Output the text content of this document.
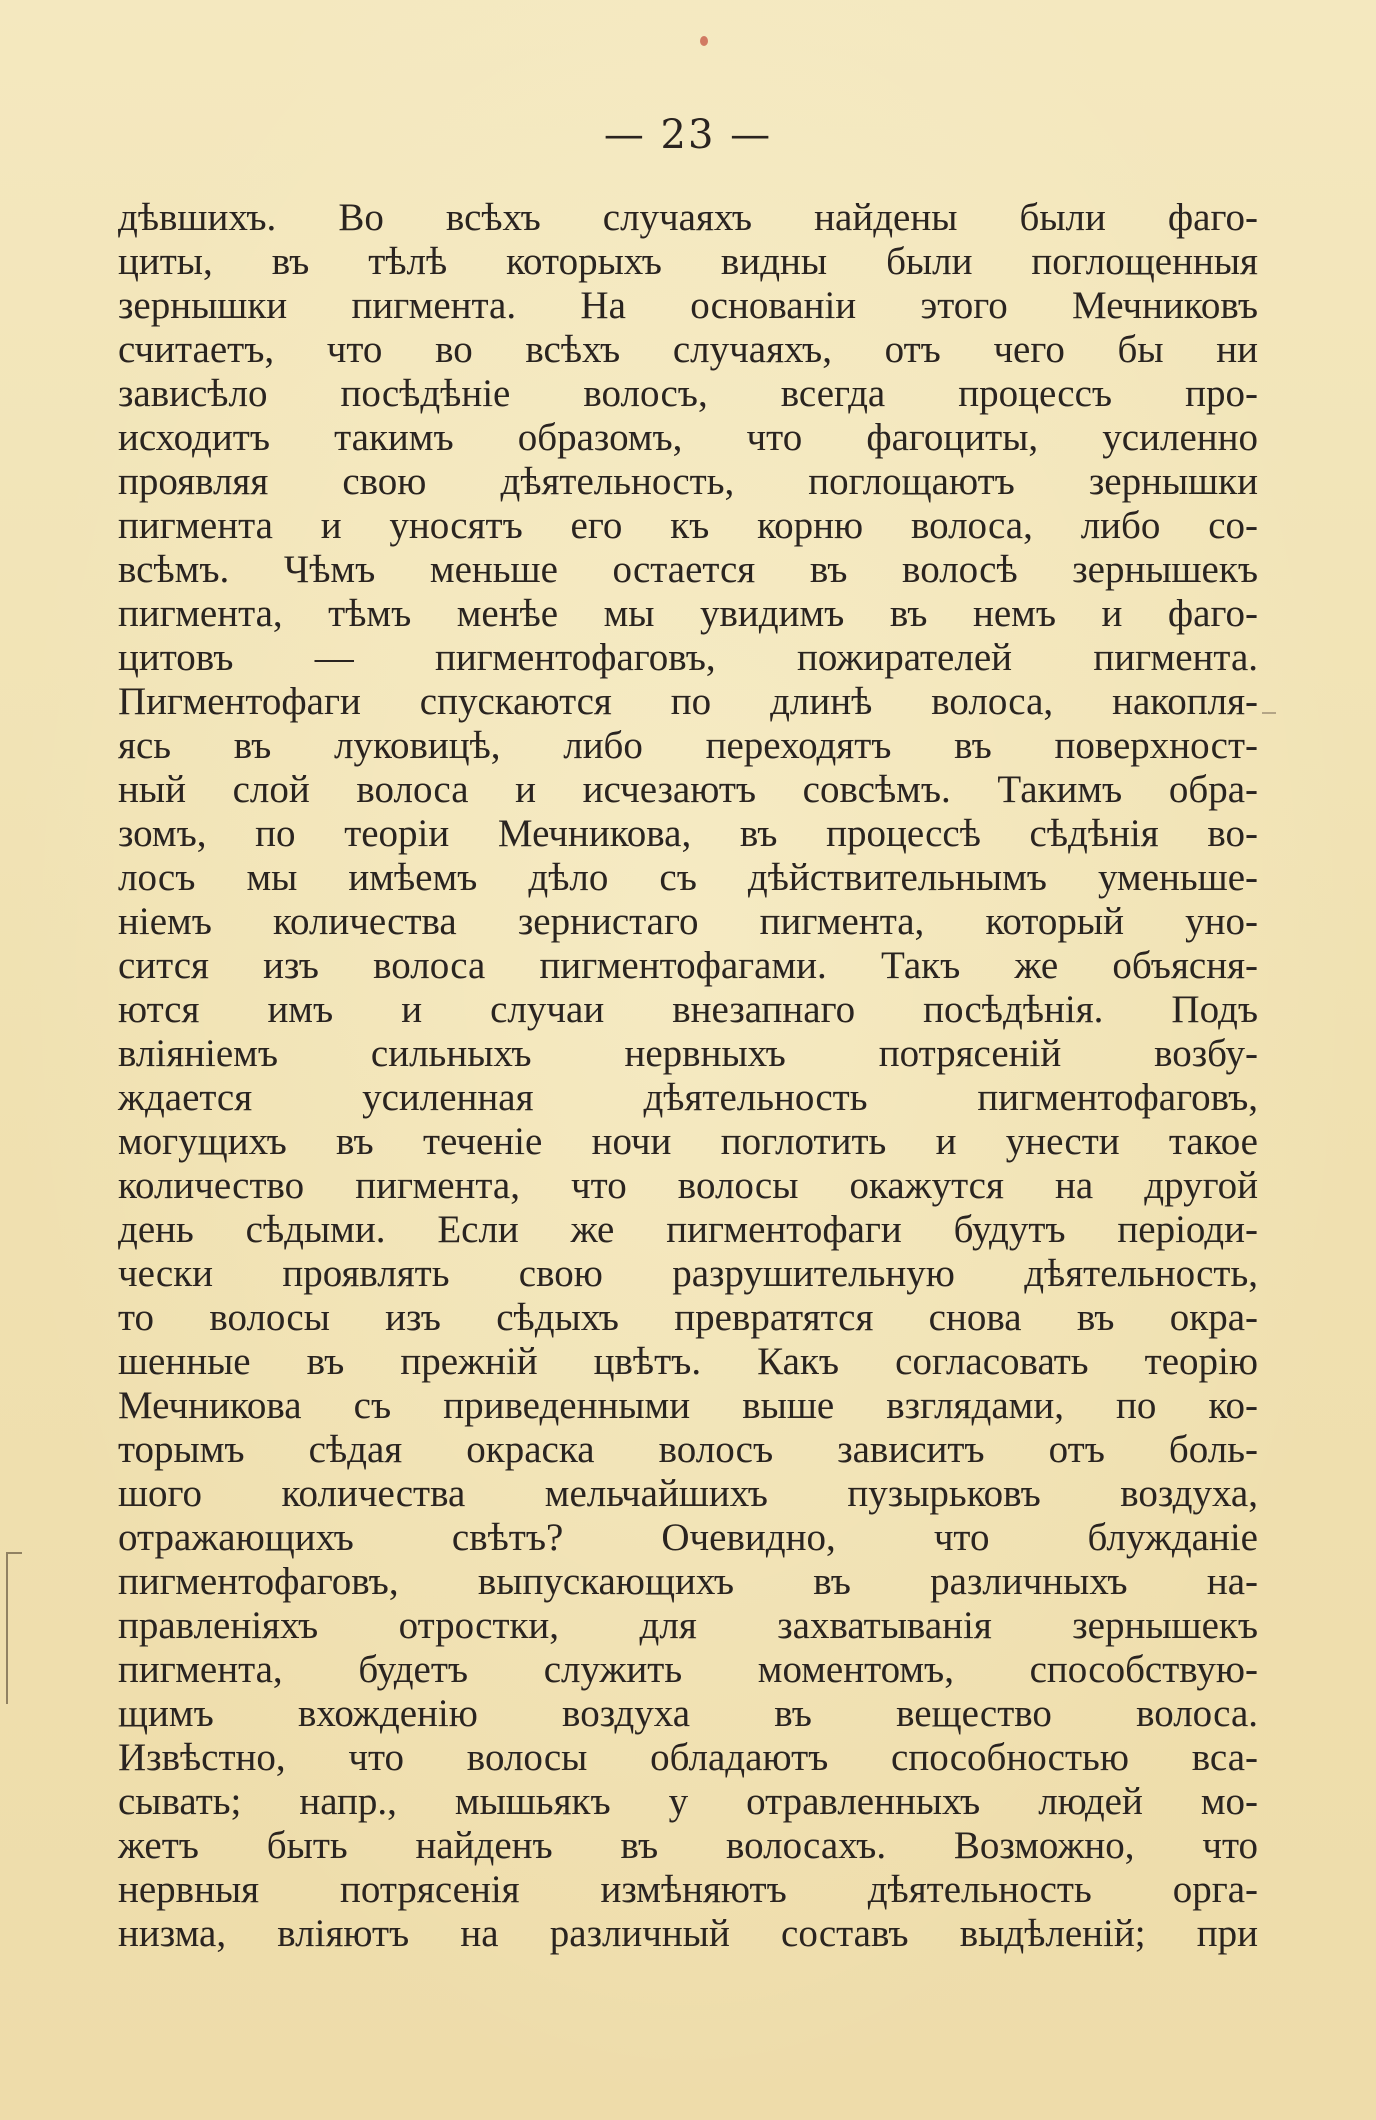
— 23 —
дѣвшихъ. Во всѣхъ случаяхъ найдены были фаго-
циты, въ тѣлѣ которыхъ видны были поглощенныя
зернышки пигмента. На основаніи этого Мечниковъ
считаетъ, что во всѣхъ случаяхъ, отъ чего бы ни
зависѣло посѣдѣніе волосъ, всегда процессъ про-
исходитъ такимъ образомъ, что фагоциты, усиленно
проявляя свою дѣятельность, поглощаютъ зернышки
пигмента и уносятъ его къ корню волоса, либо со-
всѣмъ. Чѣмъ меньше остается въ волосѣ зернышекъ
пигмента, тѣмъ менѣе мы увидимъ въ немъ и фаго-
цитовъ — пигментофаговъ, пожирателей пигмента.
Пигментофаги спускаются по длинѣ волоса, накопля-
ясь въ луковицѣ, либо переходятъ въ поверхност-
ный слой волоса и исчезаютъ совсѣмъ. Такимъ обра-
зомъ, по теоріи Мечникова, въ процессѣ сѣдѣнія во-
лосъ мы имѣемъ дѣло съ дѣйствительнымъ уменьше-
ніемъ количества зернистаго пигмента, который уно-
сится изъ волоса пигментофагами. Такъ же объясня-
ются имъ и случаи внезапнаго посѣдѣнія. Подъ
вліяніемъ сильныхъ нервныхъ потрясеній возбу-
ждается усиленная дѣятельность пигментофаговъ,
могущихъ въ теченіе ночи поглотить и унести такое
количество пигмента, что волосы окажутся на другой
день сѣдыми. Если же пигментофаги будутъ періоди-
чески проявлять свою разрушительную дѣятельность,
то волосы изъ сѣдыхъ превратятся снова въ окра-
шенные въ прежній цвѣтъ. Какъ согласовать теорію
Мечникова съ приведенными выше взглядами, по ко-
торымъ сѣдая окраска волосъ зависитъ отъ боль-
шого количества мельчайшихъ пузырьковъ воздуха,
отражающихъ свѣтъ? Очевидно, что блужданіе
пигментофаговъ, выпускающихъ въ различныхъ на-
правленіяхъ отростки, для захватыванія зернышекъ
пигмента, будетъ служить моментомъ, способствую-
щимъ вхожденію воздуха въ вещество волоса.
Извѣстно, что волосы обладаютъ способностью вса-
сывать; напр., мышьякъ у отравленныхъ людей мо-
жетъ быть найденъ въ волосахъ. Возможно, что
нервныя потрясенія измѣняютъ дѣятельность орга-
низма, вліяютъ на различный составъ выдѣленій; при
